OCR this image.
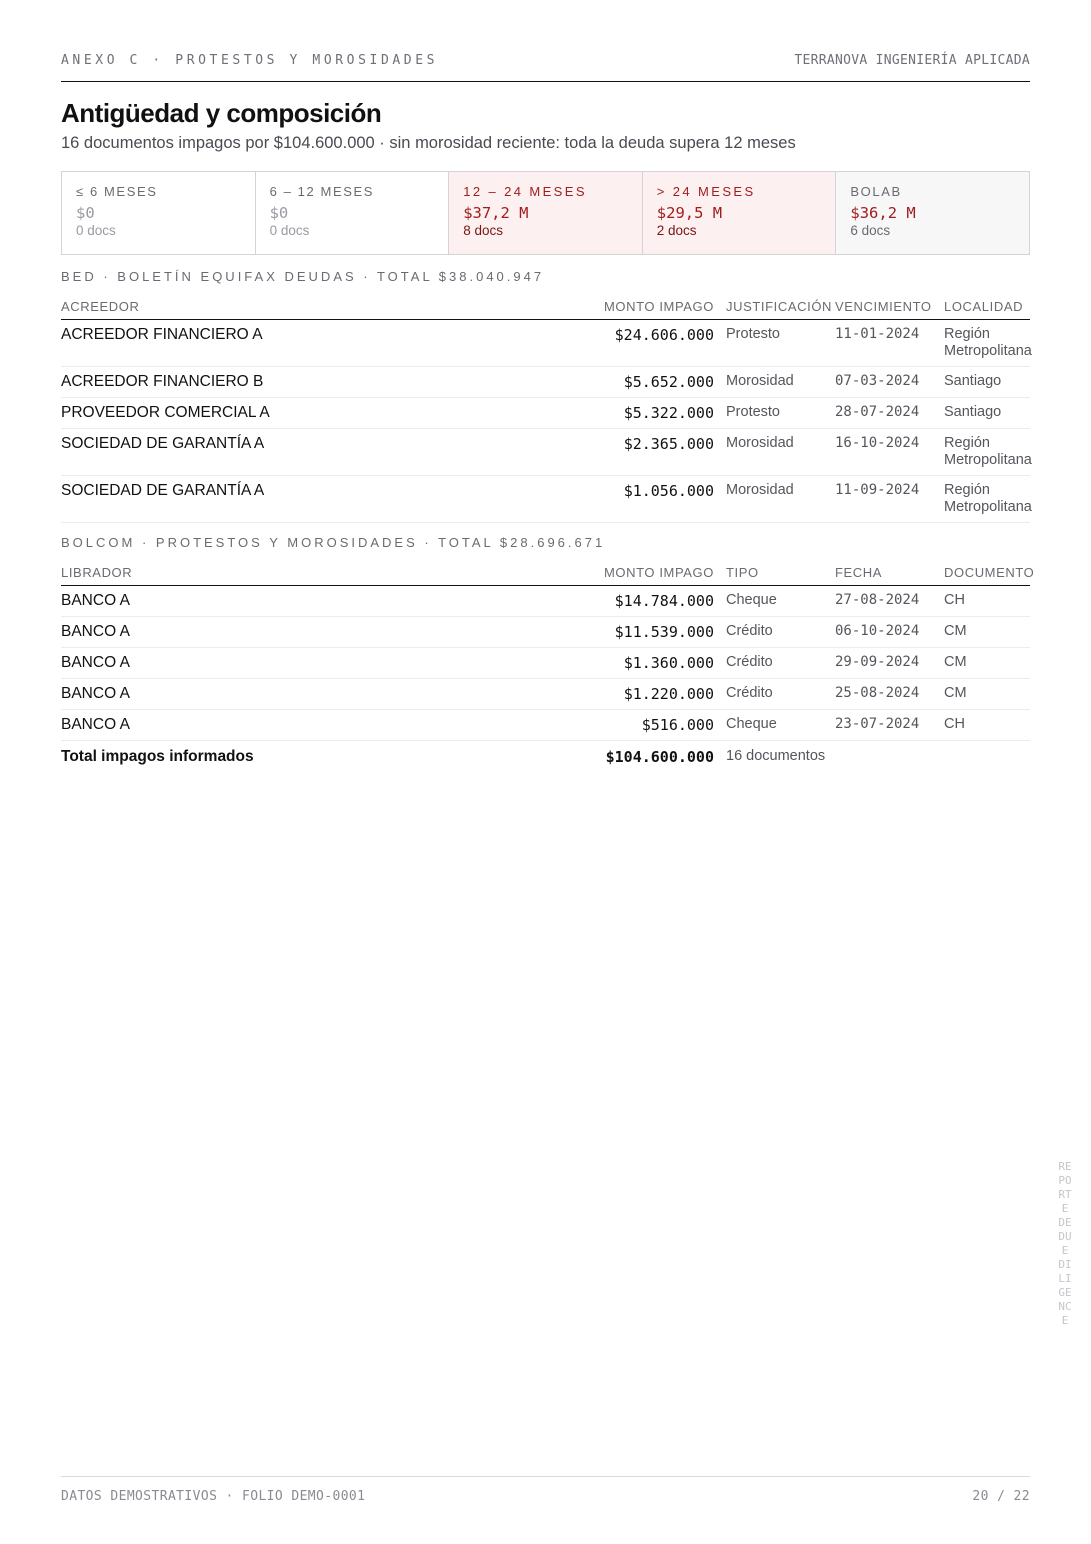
ANEXO C · PROTESTOS Y MOROSIDADES	TERRANOVA INGENIERÍA APLICADA
Antigüedad y composición
16 documentos impagos por $104.600.000 · sin morosidad reciente: toda la deuda supera 12 meses
≤ 6 MESES
$0
0 docs
6 – 12 MESES
$0
0 docs
12 – 24 MESES
$37,2 M
8 docs
> 24 MESES
$29,5 M
2 docs
BOLAB
$36,2 M
6 docs
BED · BOLETÍN EQUIFAX DEUDAS · TOTAL $38.040.947
ACREEDOR	MONTO IMPAGO	JUSTIFICACIÓN	VENCIMIENTO	LOCALIDAD
ACREEDOR FINANCIERO A	$24.606.000	Protesto	11-01-2024	Región Metropolitana
ACREEDOR FINANCIERO B	$5.652.000	Morosidad	07-03-2024	Santiago
PROVEEDOR COMERCIAL A	$5.322.000	Protesto	28-07-2024	Santiago
SOCIEDAD DE GARANTÍA A	$2.365.000	Morosidad	16-10-2024	Región Metropolitana
SOCIEDAD DE GARANTÍA A	$1.056.000	Morosidad	11-09-2024	Región Metropolitana
BOLCOM · PROTESTOS Y MOROSIDADES · TOTAL $28.696.671
LIBRADOR	MONTO IMPAGO	TIPO	FECHA	DOCUMENTO
BANCO A	$14.784.000	Cheque	27-08-2024	CH
BANCO A	$11.539.000	Crédito	06-10-2024	CM
BANCO A	$1.360.000	Crédito	29-09-2024	CM
BANCO A	$1.220.000	Crédito	25-08-2024	CM
BANCO A	$516.000	Cheque	23-07-2024	CH
Total impagos informados	$104.600.000	16 documentos		
DATOS DEMOSTRATIVOS · FOLIO DEMO-0001	20 / 22
REPORTE DE DUE DILIGENCE
